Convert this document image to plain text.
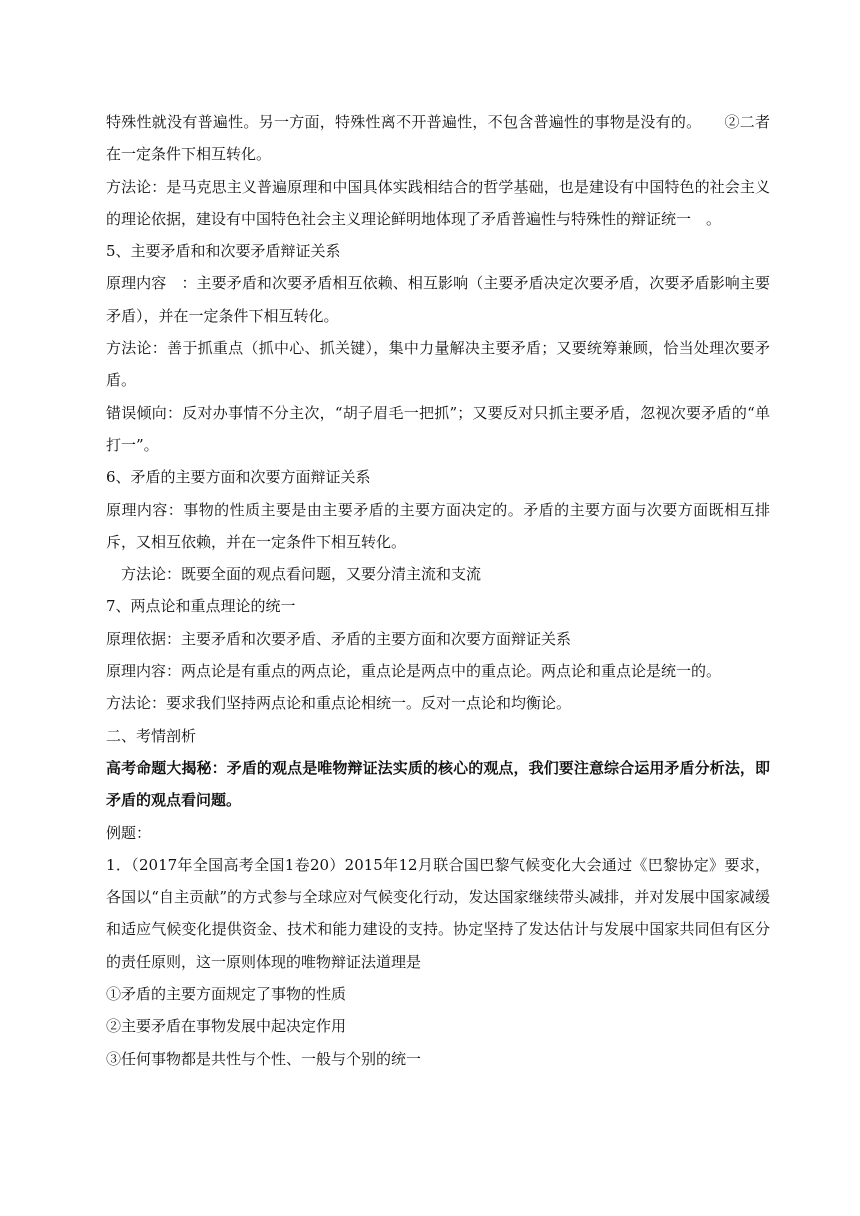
特殊性就没有普遍性。另一方面，特殊性离不开普遍性，不包含普遍性的事物是没有的。　　②二者在一定条件下相互转化。

方法论：是马克思主义普遍原理和中国具体实践相结合的哲学基础，也是建设有中国特色的社会主义的理论依据，建设有中国特色社会主义理论鲜明地体现了矛盾普遍性与特殊性的辩证统一　。

5、主要矛盾和和次要矛盾辩证关系

原理内容　：主要矛盾和次要矛盾相互依赖、相互影响（主要矛盾决定次要矛盾，次要矛盾影响主要矛盾），并在一定条件下相互转化。

方法论：善于抓重点（抓中心、抓关键），集中力量解决主要矛盾；又要统筹兼顾，恰当处理次要矛盾。

错误倾向：反对办事情不分主次，“胡子眉毛一把抓”；又要反对只抓主要矛盾，忽视次要矛盾的“单打一”。

6、矛盾的主要方面和次要方面辩证关系

原理内容：事物的性质主要是由主要矛盾的主要方面决定的。矛盾的主要方面与次要方面既相互排斥，又相互依赖，并在一定条件下相互转化。

方法论：既要全面的观点看问题，又要分清主流和支流

7、两点论和重点理论的统一

原理依据：主要矛盾和次要矛盾、矛盾的主要方面和次要方面辩证关系

原理内容：两点论是有重点的两点论，重点论是两点中的重点论。两点论和重点论是统一的。

方法论：要求我们坚持两点论和重点论相统一。反对一点论和均衡论。

二、考情剖析

高考命题大揭秘：矛盾的观点是唯物辩证法实质的核心的观点，我们要注意综合运用矛盾分析法，即矛盾的观点看问题。

例题：

1．（2017年全国高考全国1卷20）2015年12月联合国巴黎气候变化大会通过《巴黎协定》要求，各国以“自主贡献”的方式参与全球应对气候变化行动，发达国家继续带头减排，并对发展中国家减缓和适应气候变化提供资金、技术和能力建设的支持。协定坚持了发达估计与发展中国家共同但有区分的责任原则，这一原则体现的唯物辩证法道理是

①矛盾的主要方面规定了事物的性质

②主要矛盾在事物发展中起决定作用

③任何事物都是共性与个性、一般与个别的统一
